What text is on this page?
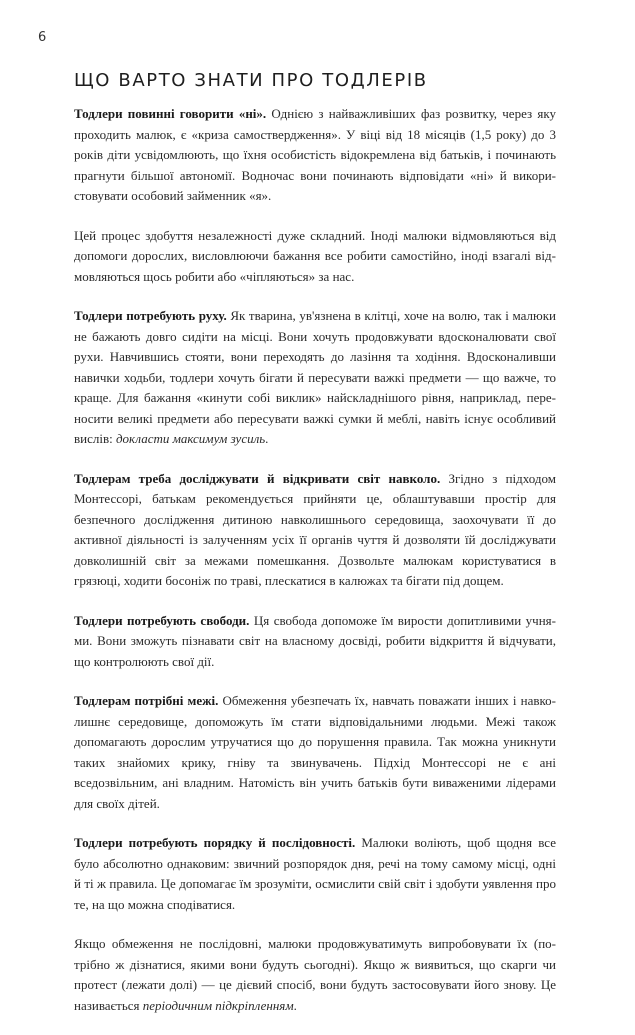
6
ЩО ВАРТО ЗНАТИ ПРО ТОДЛЕРІВ

Тодлери повинні говорити «ні». Однією з найважливіших фаз розвитку, через яку проходить малюк, є «криза самоствердження». У віці від 18 місяців (1,5 року) до 3 років діти усвідомлюють, що їхня особистість відокремлена від батьків, і починають прагнути більшої автономії. Водночас вони починають відповідати «ні» й використовувати особовий займенник «я».

Цей процес здобуття незалежності дуже складний. Іноді малюки відмовляються від допомоги дорослих, висловлюючи бажання все робити самостійно, іноді взагалі відмовляються щось робити або «чіпляються» за нас.

Тодлери потребують руху. Як тварина, ув'язнена в клітці, хоче на волю, так і малюки не бажають довго сидіти на місці. Вони хочуть продовжувати вдосконалювати свої рухи. Навчившись стояти, вони переходять до лазіння та ходіння. Вдосконаливши навички ходьби, тодлери хочуть бігати й пересувати важкі предмети — що важче, то краще. Для бажання «кинути собі виклик» найскладнішого рівня, наприклад, переносити великі предмети або пересувати важкі сумки й меблі, навіть існує особливий вислів: докласти максимум зусиль.

Тодлерам треба досліджувати й відкривати світ навколо. Згідно з підходом Монтессорі, батькам рекомендується прийняти це, облаштувавши простір для безпечного дослідження дитиною навколишнього середовища, заохочувати її до активної діяльності із залученням усіх її органів чуття й дозволяти їй досліджувати довколишній світ за межами помешкання. Дозвольте малюкам користуватися в грязюці, ходити босоніж по траві, плескатися в калюжах та бігати під дощем.

Тодлери потребують свободи. Ця свобода допоможе їм вирости допитливими учнями. Вони зможуть пізнавати світ на власному досвіді, робити відкриття й відчувати, що контролюють свої дії.

Тодлерам потрібні межі. Обмеження убезпечать їх, навчать поважати інших і навколишнє середовище, допоможуть їм стати відповідальними людьми. Межі також допомагають дорослим утручатися що до порушення правила. Так можна уникнути таких знайомих крику, гніву та звинувачень. Підхід Монтессорі не є ані вседозвільним, ані владним. Натомість він учить батьків бути виваженими лідерами для своїх дітей.

Тодлери потребують порядку й послідовності. Малюки воліють, щоб щодня все було абсолютно однаковим: звичний розпорядок дня, речі на тому самому місці, одні й ті ж правила. Це допомагає їм зрозуміти, осмислити свій світ і здобути уявлення про те, на що можна сподіватися.

Якщо обмеження не послідовні, малюки продовжуватимуть випробовувати їх (потрібно ж дізнатися, якими вони будуть сьогодні). Якщо ж виявиться, що скарги чи протест (лежати долі) — це дієвий спосіб, вони будуть застосовувати його знову. Це називається періодичним підкріпленням.
